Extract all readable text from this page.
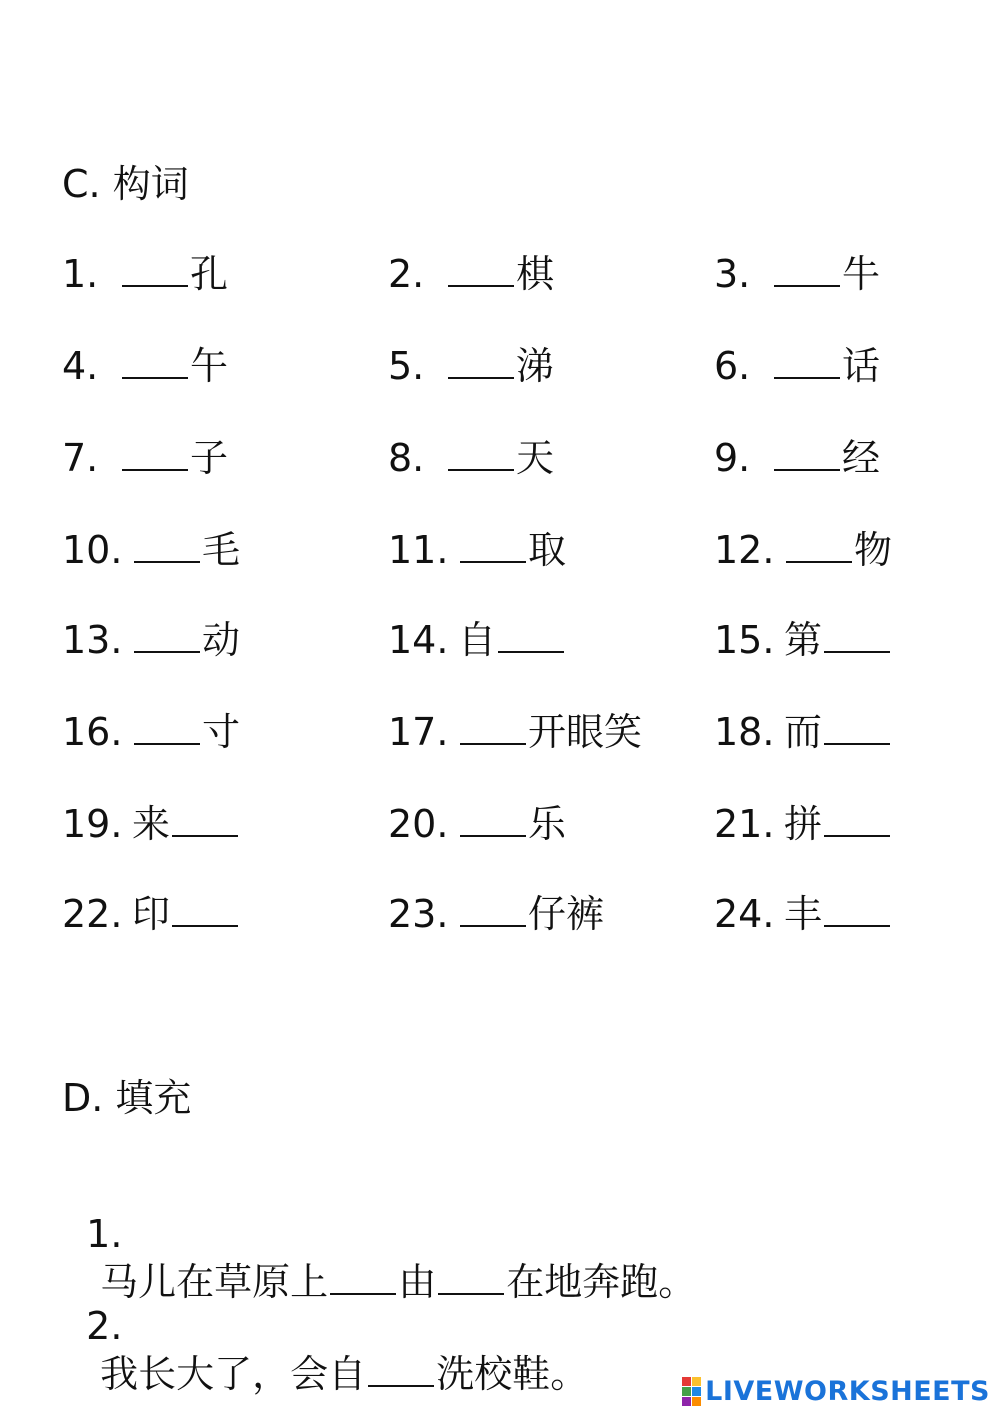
C. 构词
1. 孔	2. 棋	3. 牛
4. 午	5. 涕	6. 话
7. 子	8. 天	9. 经
10. 毛	11. 取	12. 物
13. 动	14. 自	15. 第
16. 寸	17. 开眼笑 18. 而
19. 来	20. 乐	21. 拼
22. 印	23. 仔裤	24. 丰
D. 填充

1.
马儿在草原上 由 在地奔跑。

2.
我长大了，会自 洗校鞋。	LIVEWORKSHEETS
